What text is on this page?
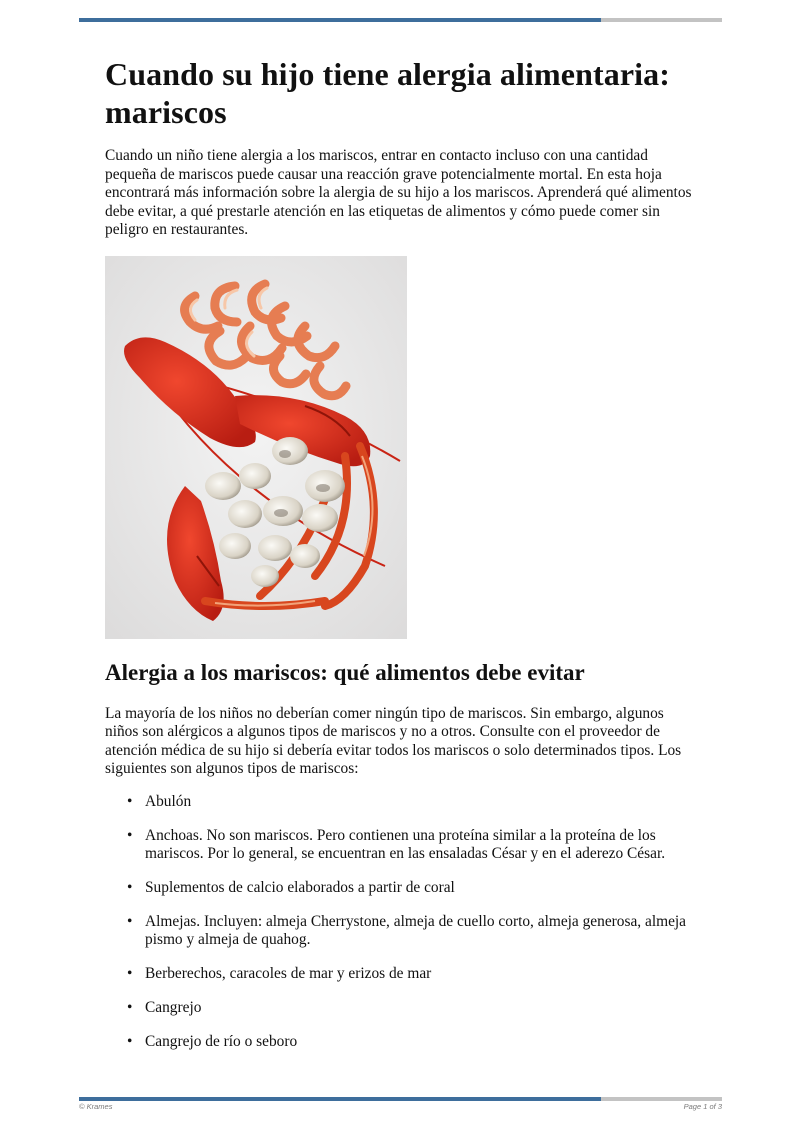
Cuando su hijo tiene alergia alimentaria: mariscos

Cuando un niño tiene alergia a los mariscos, entrar en contacto incluso con una cantidad pequeña de mariscos puede causar una reacción grave potencialmente mortal. En esta hoja encontrará más información sobre la alergia de su hijo a los mariscos. Aprenderá qué alimentos debe evitar, a qué prestarle atención en las etiquetas de alimentos y cómo puede comer sin peligro en restaurantes.

Alergia a los mariscos: qué alimentos debe evitar

La mayoría de los niños no deberían comer ningún tipo de mariscos. Sin embargo, algunos niños son alérgicos a algunos tipos de mariscos y no a otros. Consulte con el proveedor de atención médica de su hijo si debería evitar todos los mariscos o solo determinados tipos. Los siguientes son algunos tipos de mariscos:

• Abulón
• Anchoas. No son mariscos. Pero contienen una proteína similar a la proteína de los mariscos. Por lo general, se encuentran en las ensaladas César y en el aderezo César.
• Suplementos de calcio elaborados a partir de coral
• Almejas. Incluyen: almeja Cherrystone, almeja de cuello corto, almeja generosa, almeja pismo y almeja de quahog.
• Berberechos, caracoles de mar y erizos de mar
• Cangrejo
• Cangrejo de río o seboro
© Krames	Page 1 of 3
